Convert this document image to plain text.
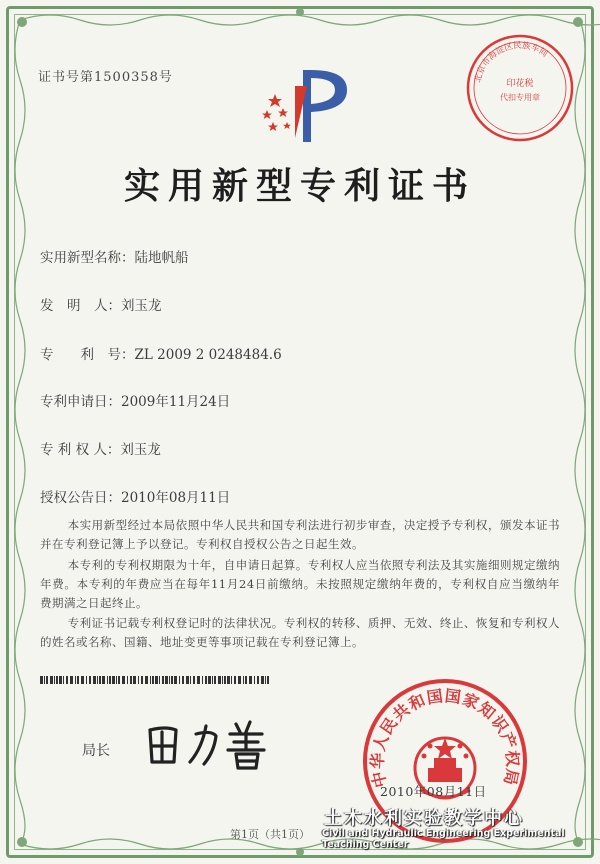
证书号第1500358号	北京市海淀区民族车间
印花税
代扣专用章
实用新型专利证书
实用新型名称：陆地帆船
发　明　人：刘玉龙
专　　利　号：ZL 2009 2 0248484.6
专利申请日：2009年11月24日
专 利 权 人：刘玉龙
授权公告日：2010年08月11日
本实用新型经过本局依照中华人民共和国专利法进行初步审查，决定授予专利权，颁发本证书并在专利登记簿上予以登记。专利权自授权公告之日起生效。
本专利的专利权期限为十年，自申请日起算。专利权人应当依照专利法及其实施细则规定缴纳年费。本专利的年费应当在每年11月24日前缴纳。未按照规定缴纳年费的，专利权自应当缴纳年费期满之日起终止。
专利证书记载专利权登记时的法律状况。专利权的转移、质押、无效、终止、恢复和专利权人的姓名或名称、国籍、地址变更等事项记载在专利登记簿上。
局长
中华人民共和国国家知识产权局
2010年08月11日
第1页（共1页）
土木水利实验教学中心
Civil and Hydraulic Engineering Experimental Teaching Center
